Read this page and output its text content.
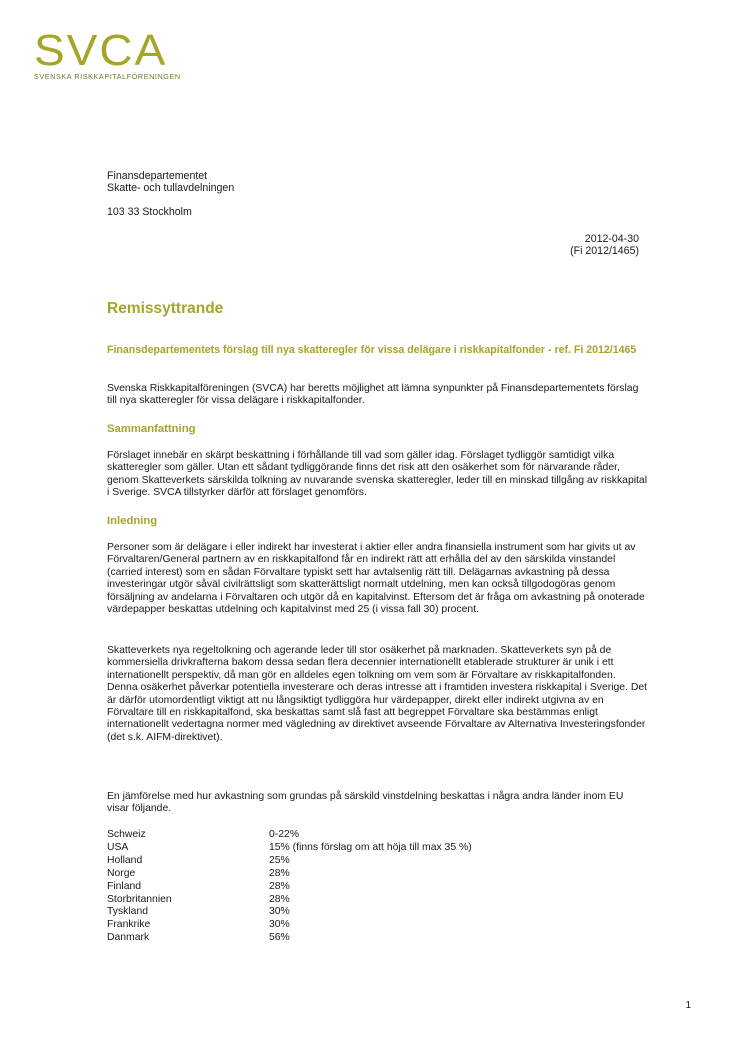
SVCA
SVENSKA RISKKAPITALFÖRENINGEN
Finansdepartementet
Skatte- och tullavdelningen
103 33 Stockholm
2012-04-30
(Fi 2012/1465)
Remissyttrande
Finansdepartementets förslag till nya skatteregler för vissa delägare i riskkapitalfonder - ref. Fi 2012/1465

Svenska Riskkapitalföreningen (SVCA) har beretts möjlighet att lämna synpunkter på Finansdepartementets förslag till nya skatteregler för vissa delägare i riskkapitalfonder.

Sammanfattning

Förslaget innebär en skärpt beskattning i förhållande till vad som gäller idag. Förslaget tydliggör samtidigt vilka skatteregler som gäller. Utan ett sådant tydliggörande finns det risk att den osäkerhet som för närvarande råder, genom Skatteverkets särskilda tolkning av nuvarande svenska skatteregler, leder till en minskad tillgång av riskkapital i Sverige. SVCA tillstyrker därför att förslaget genomförs.

Inledning

Personer som är delägare i eller indirekt har investerat i aktier eller andra finansiella instrument som har givits ut av Förvaltaren/General partnern av en riskkapitalfond får en indirekt rätt att erhålla del av den särskilda vinstandel (carried interest) som en sådan Förvaltare typiskt sett har avtalsenlig rätt till. Delägarnas avkastning på dessa investeringar utgör såväl civilrättsligt som skatterättsligt normalt utdelning, men kan också tillgodogöras genom försäljning av andelarna i Förvaltaren och utgör då en kapitalvinst. Eftersom det är fråga om avkastning på onoterade värdepapper beskattas utdelning och kapitalvinst med 25 (i vissa fall 30) procent.

Skatteverkets nya regeltolkning och agerande leder till stor osäkerhet på marknaden. Skatteverkets syn på de kommersiella drivkrafterna bakom dessa sedan flera decennier internationellt etablerade strukturer är unik i ett internationellt perspektiv, då man gör en alldeles egen tolkning om vem som är Förvaltare av riskkapitalfonden. Denna osäkerhet påverkar potentiella investerare och deras intresse att i framtiden investera riskkapital i Sverige. Det är därför utomordentligt viktigt att nu långsiktigt tydliggöra hur värdepapper, direkt eller indirekt utgivna av en Förvaltare till en riskkapitalfond, ska beskattas samt slå fast att begreppet Förvaltare ska bestämmas enligt internationellt vedertagna normer med vägledning av direktivet avseende Förvaltare av Alternativa Investeringsfonder (det s.k. AIFM-direktivet).

En jämförelse med hur avkastning som grundas på särskild vinstdelning beskattas i några andra länder inom EU visar följande.

Schweiz	0-22%
USA	15% (finns förslag om att höja till max 35 %)
Holland	25%
Norge	28%
Finland	28%
Storbritannien	28%
Tyskland	30%
Frankrike	30%
Danmark	56%
1
